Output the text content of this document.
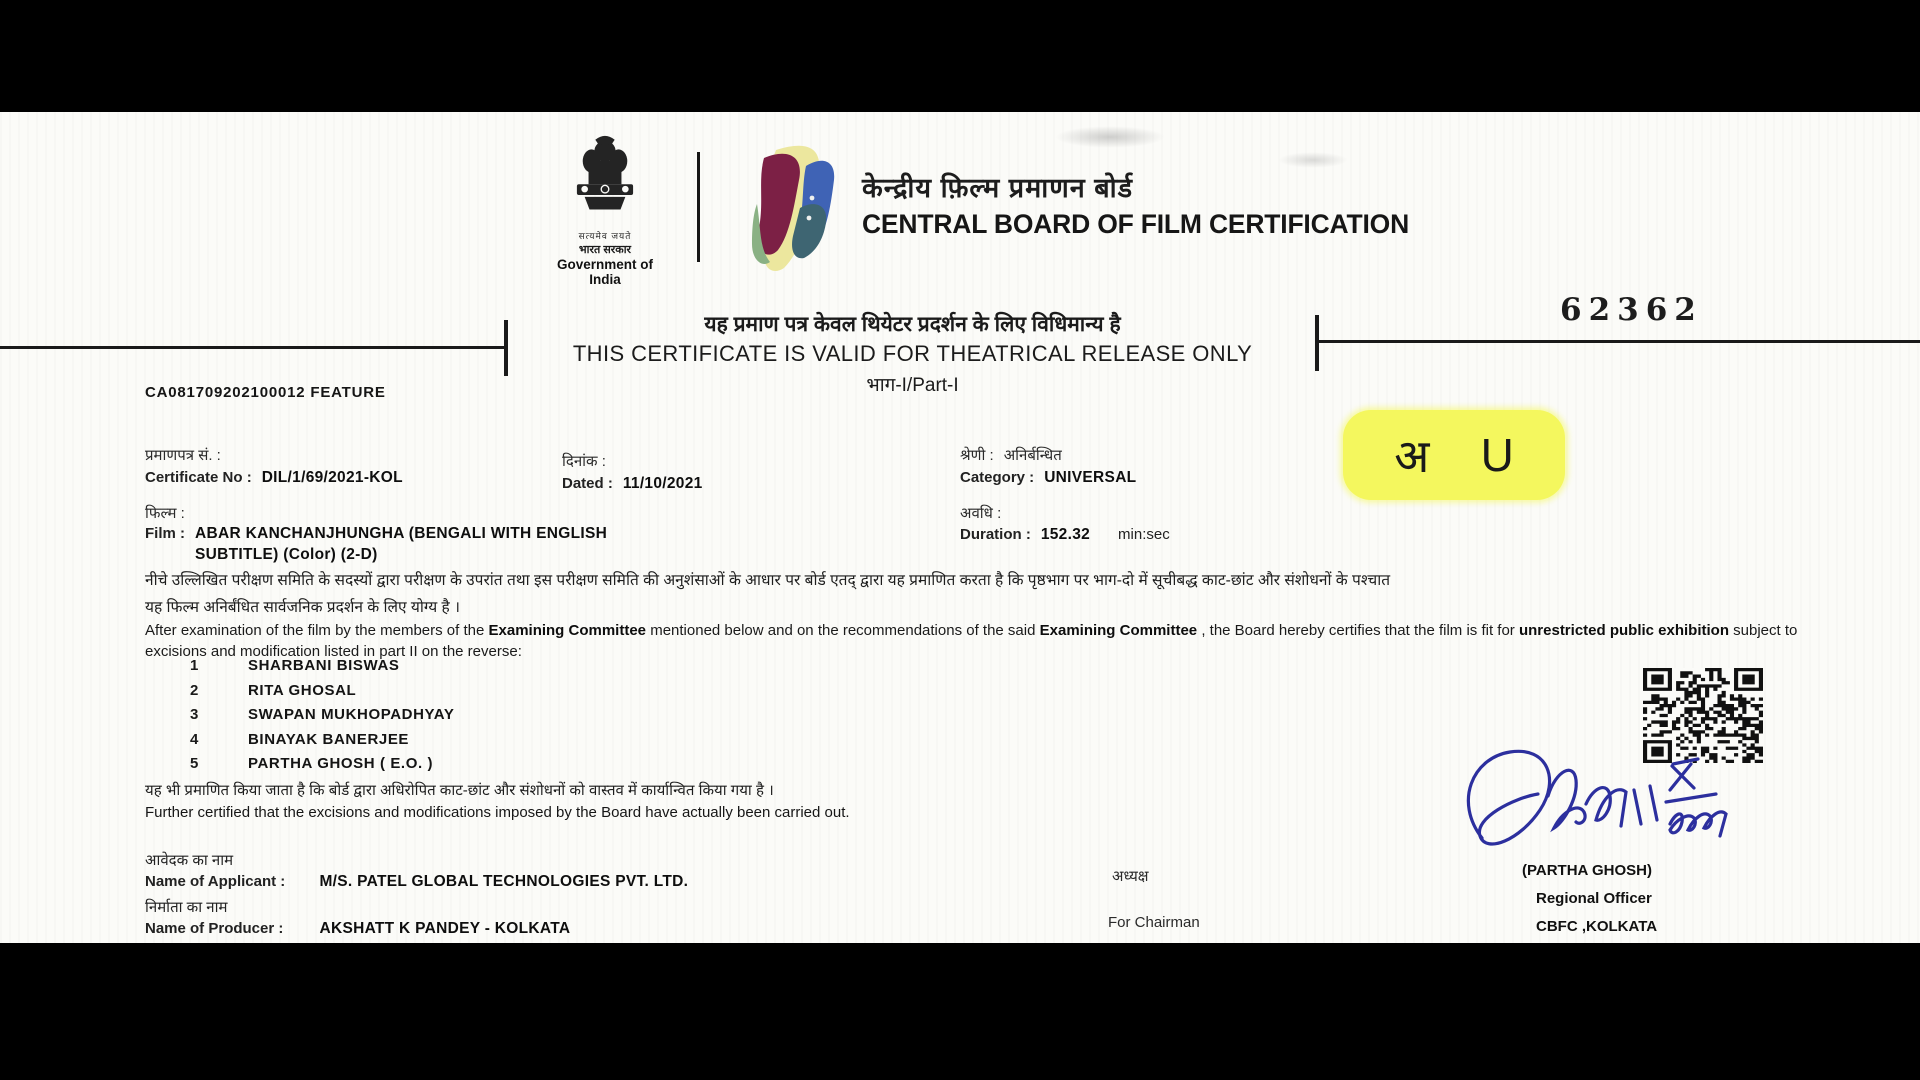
सत्यमेव जयते
भारत सरकार
Government of India
केन्द्रीय फ़िल्म प्रमाणन बोर्ड
CENTRAL BOARD OF FILM CERTIFICATION
62362
यह प्रमाण पत्र केवल थियेटर प्रदर्शन के लिए विधिमान्य है
THIS CERTIFICATE IS VALID FOR THEATRICAL RELEASE ONLY
भाग-I/Part-I
CA081709202100012 FEATURE
प्रमाणपत्र सं. :
Certificate No : DIL/1/69/2021-KOL
दिनांक :
Dated : 11/10/2021
श्रेणी : अनिर्बन्धित
Category : UNIVERSAL
फिल्म :
Film : ABAR KANCHANJHUNGHA (BENGALI WITH ENGLISH
SUBTITLE) (Color) (2-D)
अवधि :
Duration : 152.32 min:sec
अ U
नीचे उल्लिखित परीक्षण समिति के सदस्यों द्वारा परीक्षण के उपरांत तथा इस परीक्षण समिति की अनुशंसाओं के आधार पर बोर्ड एतद् द्वारा यह प्रमाणित करता है कि पृष्ठभाग पर भाग-दो में सूचीबद्ध काट-छांट और संशोधनों के पश्चात
यह फिल्म अनिर्बंधित सार्वजनिक प्रदर्शन के लिए योग्य है ।
After examination of the film by the members of the Examining Committee mentioned below and on the recommendations of the said Examining Committee , the Board hereby certifies that the film is fit for unrestricted public exhibition subject to excisions and modification listed in part II on the reverse:
1	SHARBANI BISWAS
2	RITA GHOSAL
3	SWAPAN MUKHOPADHYAY
4	BINAYAK BANERJEE
5	PARTHA GHOSH ( E.O. )
यह भी प्रमाणित किया जाता है कि बोर्ड द्वारा अधिरोपित काट-छांट और संशोधनों को वास्तव में कार्यान्वित किया गया है ।
Further certified that the excisions and modifications imposed by the Board have actually been carried out.
आवेदक का नाम
Name of Applicant : M/S. PATEL GLOBAL TECHNOLOGIES PVT. LTD.
निर्माता का नाम
Name of Producer : AKSHATT K PANDEY - KOLKATA
अध्यक्ष
For Chairman
(PARTHA GHOSH)
Regional Officer
CBFC ,KOLKATA
